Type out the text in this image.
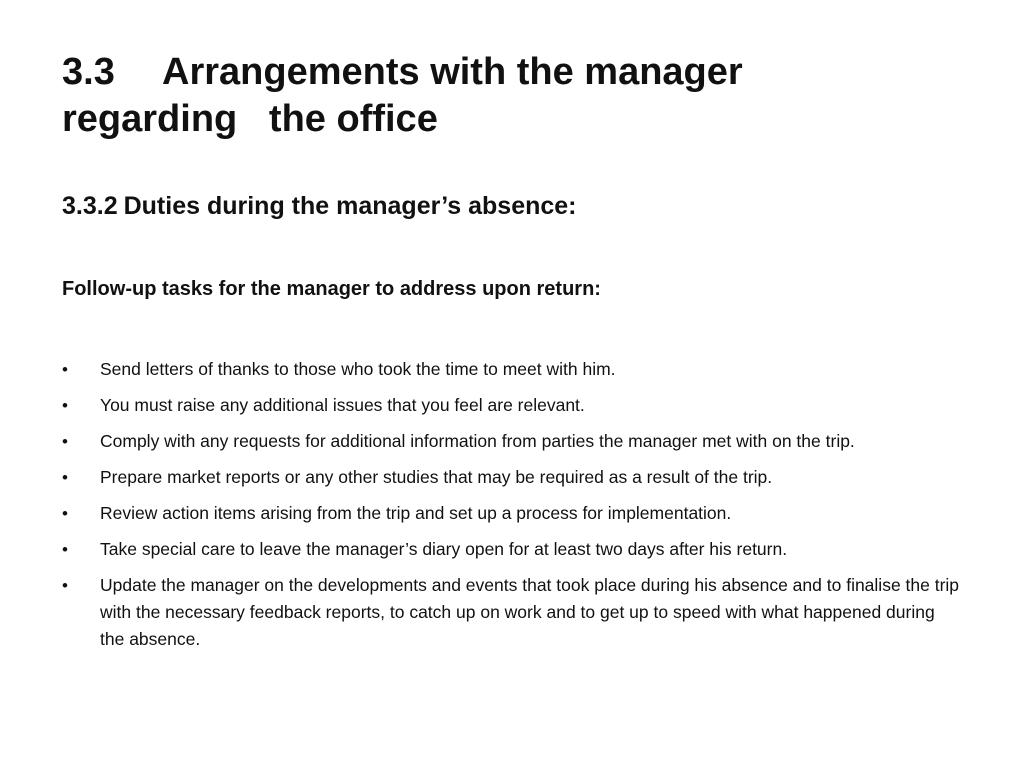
3.3 Arrangements with the manager
regarding   the office
3.3.2 Duties during the manager’s absence:

Follow-up tasks for the manager to address upon return:

• Send letters of thanks to those who took the time to meet with him.
• You must raise any additional issues that you feel are relevant.
• Comply with any requests for additional information from parties the manager met with on the trip.
• Prepare market reports or any other studies that may be required as a result of the trip.
• Review action items arising from the trip and set up a process for implementation.
• Take special care to leave the manager’s diary open for at least two days after his return.
• Update the manager on the developments and events that took place during his absence and to finalise the trip with the necessary feedback reports, to catch up on work and to get up to speed with what happened during the absence.
